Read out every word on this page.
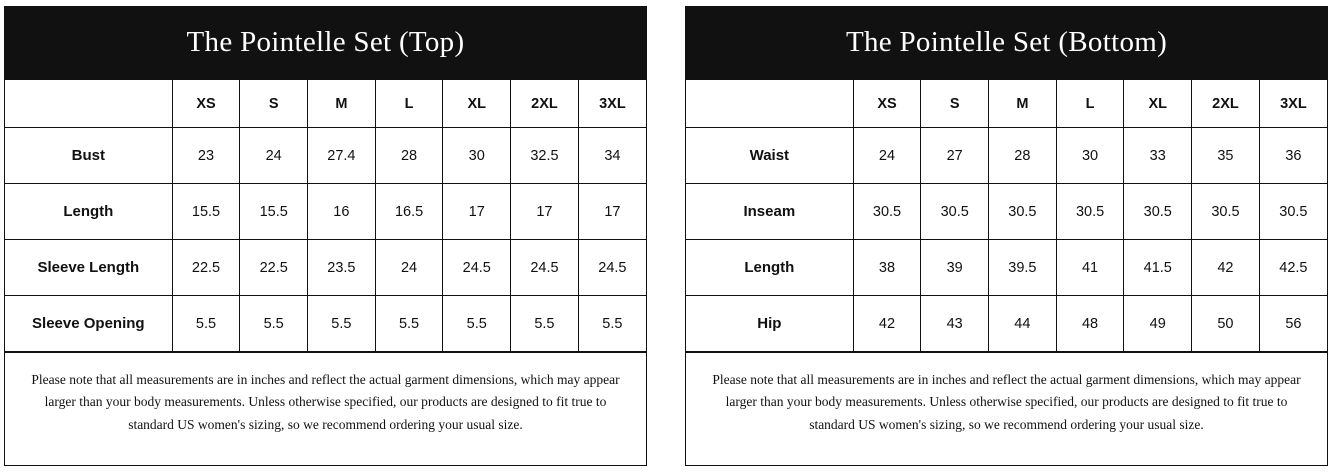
The Pointelle Set (Top)
	XS	S	M	L	XL	2XL	3XL
Bust	23	24	27.4	28	30	32.5	34
Length	15.5	15.5	16	16.5	17	17	17
Sleeve Length	22.5	22.5	23.5	24	24.5	24.5	24.5
Sleeve Opening	5.5	5.5	5.5	5.5	5.5	5.5	5.5
Please note that all measurements are in inches and reflect the actual garment dimensions, which may appear larger than your body measurements. Unless otherwise specified, our products are designed to fit true to standard US women's sizing, so we recommend ordering your usual size.
The Pointelle Set (Bottom)
	XS	S	M	L	XL	2XL	3XL
Waist	24	27	28	30	33	35	36
Inseam	30.5	30.5	30.5	30.5	30.5	30.5	30.5
Length	38	39	39.5	41	41.5	42	42.5
Hip	42	43	44	48	49	50	56
Please note that all measurements are in inches and reflect the actual garment dimensions, which may appear larger than your body measurements. Unless otherwise specified, our products are designed to fit true to standard US women's sizing, so we recommend ordering your usual size.
